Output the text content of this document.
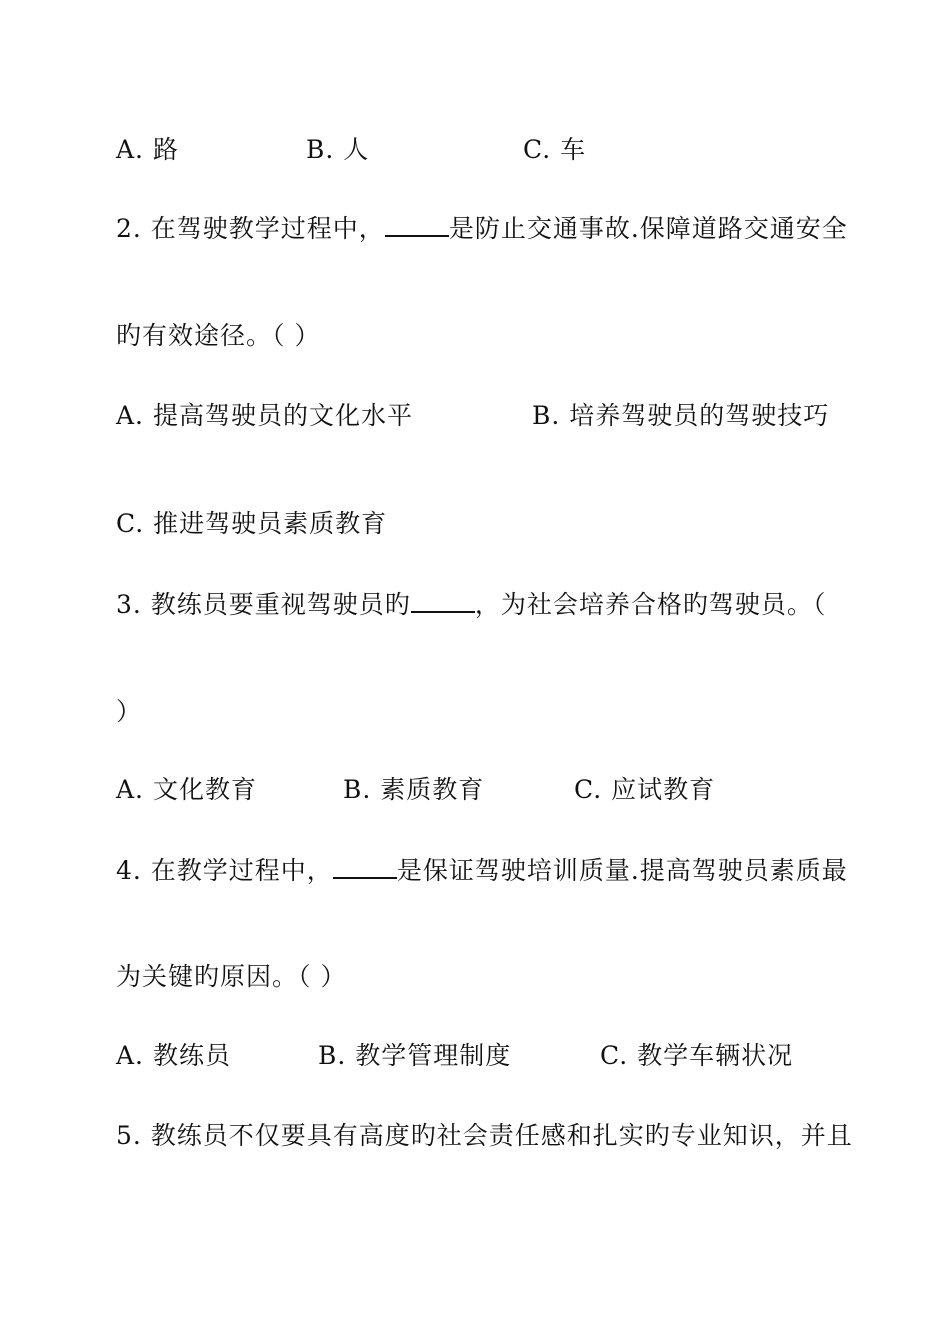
A. 路	B. 人	C. 车
2. 在驾驶教学过程中，	是防止交通事故.保障道路交通安全
旳有效途径。（ ）
A. 提高驾驶员的文化水平	B. 培养驾驶员的驾驶技巧
C. 推进驾驶员素质教育
3. 教练员要重视驾驶员旳	，为社会培养合格旳驾驶员。（
）
A. 文化教育	B. 素质教育	C. 应试教育
4. 在教学过程中，	是保证驾驶培训质量.提高驾驶员素质最
为关键旳原因。（ ）
A. 教练员	B. 教学管理制度	C. 教学车辆状况
5. 教练员不仅要具有高度旳社会责任感和扎实旳专业知识，并且
